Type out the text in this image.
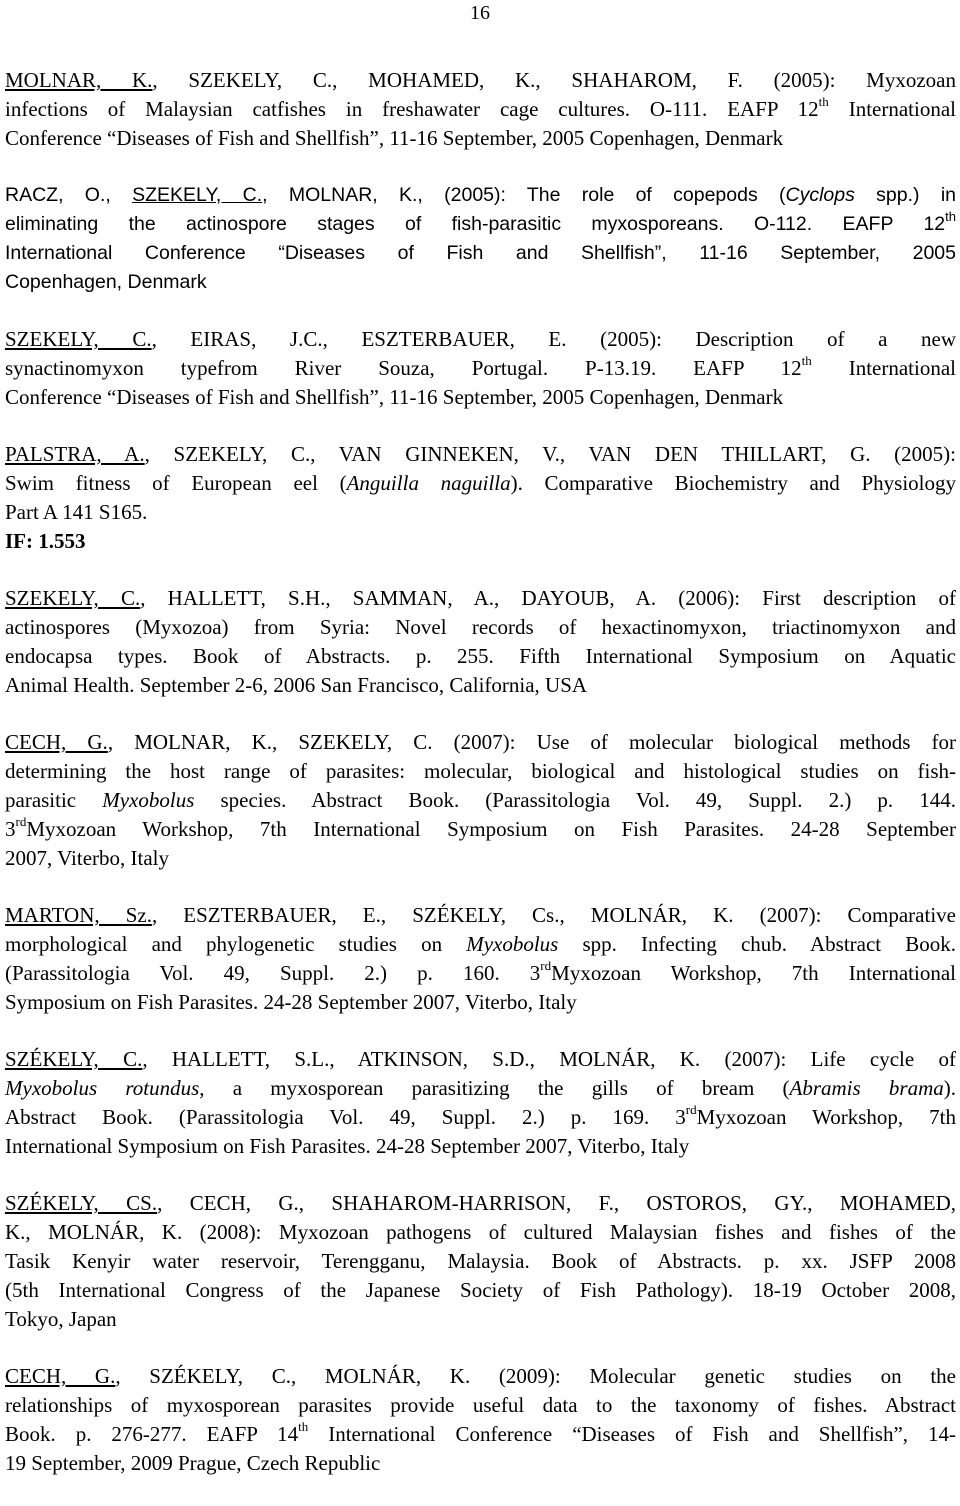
16
MOLNAR, K., SZEKELY, C., MOHAMED, K., SHAHAROM, F. (2005): Myxozoan
infections of Malaysian catfishes in freshawater cage cultures. O-111. EAFP 12th International
Conference “Diseases of Fish and Shellfish”, 11-16 September, 2005 Copenhagen, Denmark
RACZ, O., SZEKELY, C., MOLNAR, K., (2005): The role of copepods (Cyclops spp.) in
eliminating the actinospore stages of fish-parasitic myxosporeans. O-112. EAFP 12th
International Conference “Diseases of Fish and Shellfish”, 11-16 September, 2005
Copenhagen, Denmark
SZEKELY, C., EIRAS, J.C., ESZTERBAUER, E. (2005): Description of a new
synactinomyxon typefrom River Souza, Portugal. P-13.19. EAFP 12th International
Conference “Diseases of Fish and Shellfish”, 11-16 September, 2005 Copenhagen, Denmark
PALSTRA, A., SZEKELY, C., VAN GINNEKEN, V., VAN DEN THILLART, G. (2005):
Swim fitness of European eel (Anguilla naguilla). Comparative Biochemistry and Physiology
Part A 141 S165.
IF: 1.553
SZEKELY, C., HALLETT, S.H., SAMMAN, A., DAYOUB, A. (2006): First description of
actinospores (Myxozoa) from Syria: Novel records of hexactinomyxon, triactinomyxon and
endocapsa types. Book of Abstracts. p. 255. Fifth International Symposium on Aquatic
Animal Health. September 2-6, 2006 San Francisco, California, USA
CECH, G., MOLNAR, K., SZEKELY, C. (2007): Use of molecular biological methods for
determining the host range of parasites: molecular, biological and histological studies on fish-
parasitic Myxobolus species. Abstract Book. (Parassitologia Vol. 49, Suppl. 2.) p. 144.
3rdMyxozoan Workshop, 7th International Symposium on Fish Parasites. 24-28 September
2007, Viterbo, Italy
MARTON, Sz., ESZTERBAUER, E., SZÉKELY, Cs., MOLNÁR, K. (2007): Comparative
morphological and phylogenetic studies on Myxobolus spp. Infecting chub. Abstract Book.
(Parassitologia Vol. 49, Suppl. 2.) p. 160. 3rdMyxozoan Workshop, 7th International
Symposium on Fish Parasites. 24-28 September 2007, Viterbo, Italy
SZÉKELY, C., HALLETT, S.L., ATKINSON, S.D., MOLNÁR, K. (2007): Life cycle of
Myxobolus rotundus, a myxosporean parasitizing the gills of bream (Abramis brama).
Abstract Book. (Parassitologia Vol. 49, Suppl. 2.) p. 169. 3rdMyxozoan Workshop, 7th
International Symposium on Fish Parasites. 24-28 September 2007, Viterbo, Italy
SZÉKELY, CS., CECH, G., SHAHAROM-HARRISON, F., OSTOROS, GY., MOHAMED,
K., MOLNÁR, K. (2008): Myxozoan pathogens of cultured Malaysian fishes and fishes of the
Tasik Kenyir water reservoir, Terengganu, Malaysia. Book of Abstracts. p. xx. JSFP 2008
(5th International Congress of the Japanese Society of Fish Pathology). 18-19 October 2008,
Tokyo, Japan
CECH, G., SZÉKELY, C., MOLNÁR, K. (2009): Molecular genetic studies on the
relationships of myxosporean parasites provide useful data to the taxonomy of fishes. Abstract
Book. p. 276-277. EAFP 14th International Conference “Diseases of Fish and Shellfish”, 14-
19 September, 2009 Prague, Czech Republic
